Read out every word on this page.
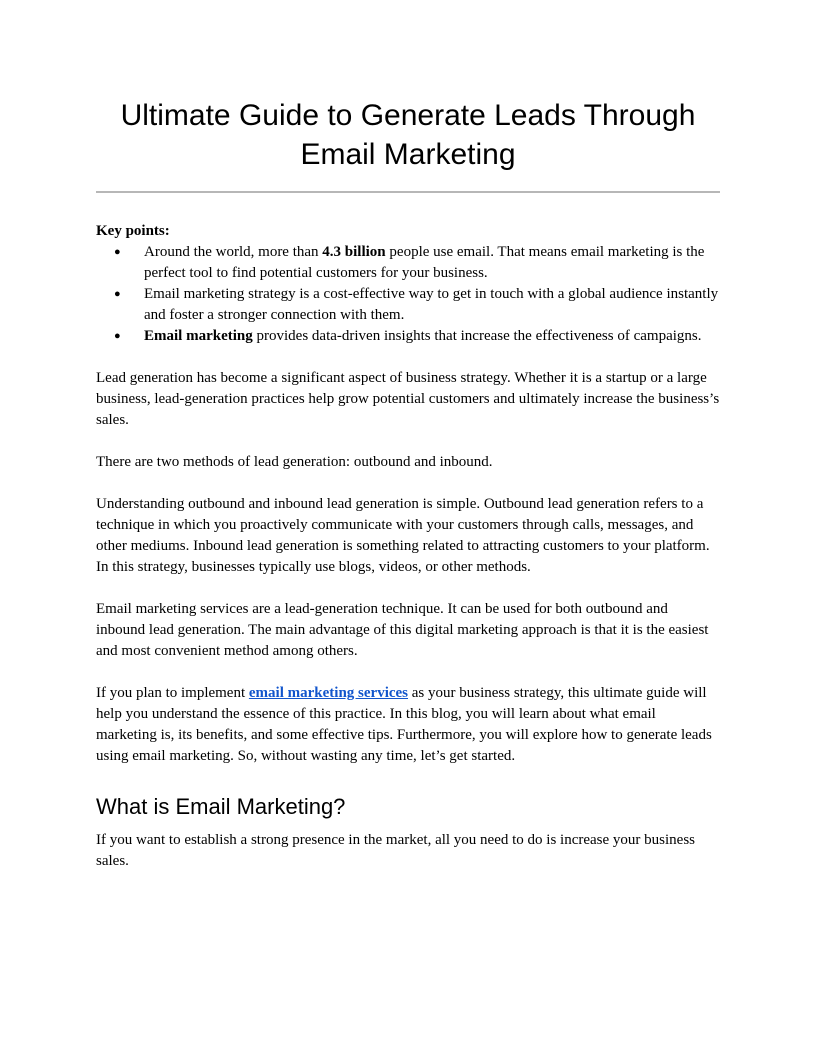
Ultimate Guide to Generate Leads Through
Email Marketing

Key points:

●	Around the world, more than 4.3 billion people use email. That means email marketing is the perfect tool to find potential customers for your business.
●	Email marketing strategy is a cost-effective way to get in touch with a global audience instantly and foster a stronger connection with them.
●	Email marketing provides data-driven insights that increase the effectiveness of campaigns.

Lead generation has become a significant aspect of business strategy. Whether it is a startup or a large business, lead-generation practices help grow potential customers and ultimately increase the business’s sales.

There are two methods of lead generation: outbound and inbound.

Understanding outbound and inbound lead generation is simple. Outbound lead generation refers to a technique in which you proactively communicate with your customers through calls, messages, and other mediums. Inbound lead generation is something related to attracting customers to your platform. In this strategy, businesses typically use blogs, videos, or other methods.

Email marketing services are a lead-generation technique. It can be used for both outbound and inbound lead generation. The main advantage of this digital marketing approach is that it is the easiest and most convenient method among others.

If you plan to implement email marketing services as your business strategy, this ultimate guide will help you understand the essence of this practice. In this blog, you will learn about what email marketing is, its benefits, and some effective tips. Furthermore, you will explore how to generate leads using email marketing. So, without wasting any time, let’s get started.

What is Email Marketing?

If you want to establish a strong presence in the market, all you need to do is increase your business sales.
